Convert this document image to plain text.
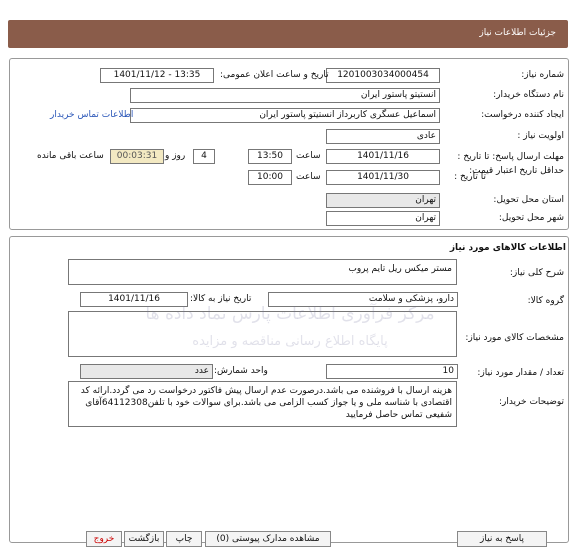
جزئیات اطلاعات نیاز
شماره نیاز:
1201003034000454
تاریخ و ساعت اعلان عمومی:
1401/11/12 - 13:35
نام دستگاه خریدار:
انستیتو پاستور ایران
ایجاد کننده درخواست:
اسماعیل عسگری کاربرداز انستیتو پاستور ایران
اطلاعات تماس خریدار
اولویت نیاز :
عادی
مهلت ارسال پاسخ: تا تاریخ :
1401/11/16
ساعت
13:50
4
روز و
00:03:31
ساعت باقی مانده
حداقل تاریخ اعتبار قیمت:
تا تاریخ :
1401/11/30
ساعت
10:00
استان محل تحویل:
تهران
شهر محل تحویل:
تهران
اطلاعات کالاهای مورد نیاز
شرح کلی نیاز:
مستر میکس ریل تایم پروب
گروه کالا:
دارو، پزشکی و سلامت
تاریخ نیاز به کالا:
1401/11/16
مشخصات کالای مورد نیاز:
تعداد / مقدار مورد نیاز:
10
واحد شمارش:
عدد
توضیحات خریدار:
هزینه ارسال با فروشنده می باشد.درصورت عدم ارسال پیش فاکتور درخواست رد می گردد.ارائه کد اقتصادی با شناسه ملی و یا جواز کسب الزامی می باشد.برای سوالات خود با تلفن64112308آقای شفیعی تماس حاصل فرمایید
مرکز فرآوری اطلاعات پارس نماد داده ها
پایگاه اطلاع رسانی مناقصه و مزایده
پاسخ به نیاز
مشاهده مدارک پیوستی (0)
چاپ
بازگشت
خروج
